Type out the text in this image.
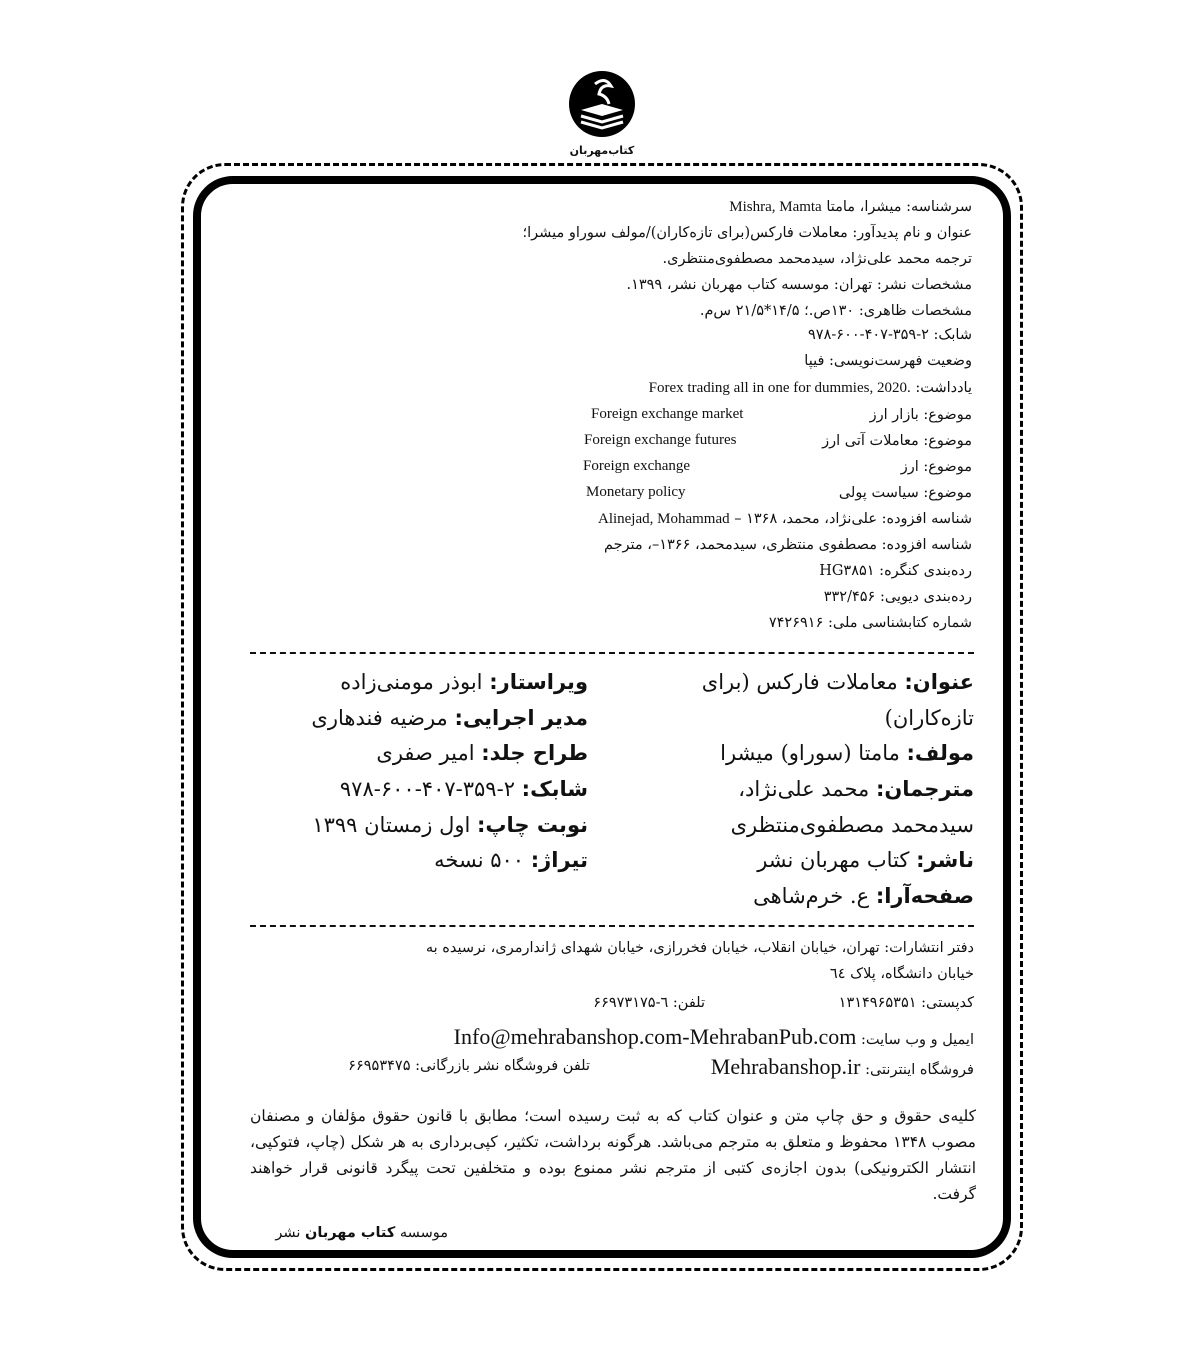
کتاب‌مهربان
سرشناسه: میشرا، مامتا Mishra, Mamta
عنوان و نام پدیدآور: معاملات فارکس(برای تازه‌کاران)/مولف سوراو میشرا؛
ترجمه محمد علی‌نژاد، سیدمحمد مصطفوی‌منتظری.
مشخصات نشر: تهران: موسسه کتاب مهربان نشر، ۱۳۹۹.
مشخصات ظاهری: ۱۳۰ص.؛ ۱۴/۵*۲۱/۵ س‌م.
شابک: ۲-۳۵۹-۴۰۷-۶۰۰-۹۷۸
وضعیت فهرست‌نویسی: فیپا
یادداشت: Forex trading all in one for dummies, 2020.
موضوع: بازار ارز
Foreign exchange market
موضوع: معاملات آتی ارز
Foreign exchange futures
موضوع: ارز
Foreign exchange
موضوع: سیاست پولی
Monetary policy
شناسه افزوده: علی‌نژاد، محمد، ۱۳۶۸ – Alinejad, Mohammad
شناسه افزوده: مصطفوی منتظری، سیدمحمد، ۱۳۶۶–، مترجم
رده‌بندی کنگره: HG۳۸۵۱
رده‌بندی دیویی: ۳۳۲/۴۵۶
شماره کتابشناسی ملی: ۷۴۲۶۹۱۶
عنوان: معاملات فارکس (برای
تازه‌کاران)
مولف: مامتا (سوراو) میشرا
مترجمان: محمد علی‌نژاد،
سیدمحمد مصطفوی‌منتظری
ناشر: کتاب مهربان نشر
صفحه‌آرا: ع. خرم‌شاهی
ویراستار: ابوذر مومنی‌زاده
مدیر اجرایی: مرضیه فندهاری
طراح جلد: امیر صفری
شابک: ۲-۳۵۹-۴۰۷-۶۰۰-۹۷۸
نوبت چاپ: اول زمستان ۱۳۹۹
تیراژ: ۵۰۰ نسخه
دفتر انتشارات: تهران، خیابان انقلاب، خیابان فخررازی، خیابان شهدای ژاندارمری، نرسیده به
خیابان دانشگاه، پلاک ٦٤
کدپستی: ۱۳۱۴۹۶۵۳۵۱
تلفن: ٦-۶۶۹۷۳۱۷۵
ایمیل و وب سایت: Info@mehrabanshop.com-MehrabanPub.com
فروشگاه اینترنتی: Mehrabanshop.ir
تلفن فروشگاه نشر بازرگانی: ۶۶۹۵۳۴۷۵
کلیه‌ی حقوق و حق چاپ متن و عنوان کتاب که به ثبت رسیده است؛ مطابق با قانون حقوق مؤلفان و مصنفان مصوب ۱۳۴۸ محفوظ و متعلق به مترجم می‌باشد. هرگونه برداشت، تکثیر، کپی‌برداری به هر شکل (چاپ، فتوکپی، انتشار الکترونیکی) بدون اجازه‌ی کتبی از مترجم نشر ممنوع بوده و متخلفین تحت پیگرد قانونی قرار خواهند گرفت.
موسسه کتاب مهربان نشر
